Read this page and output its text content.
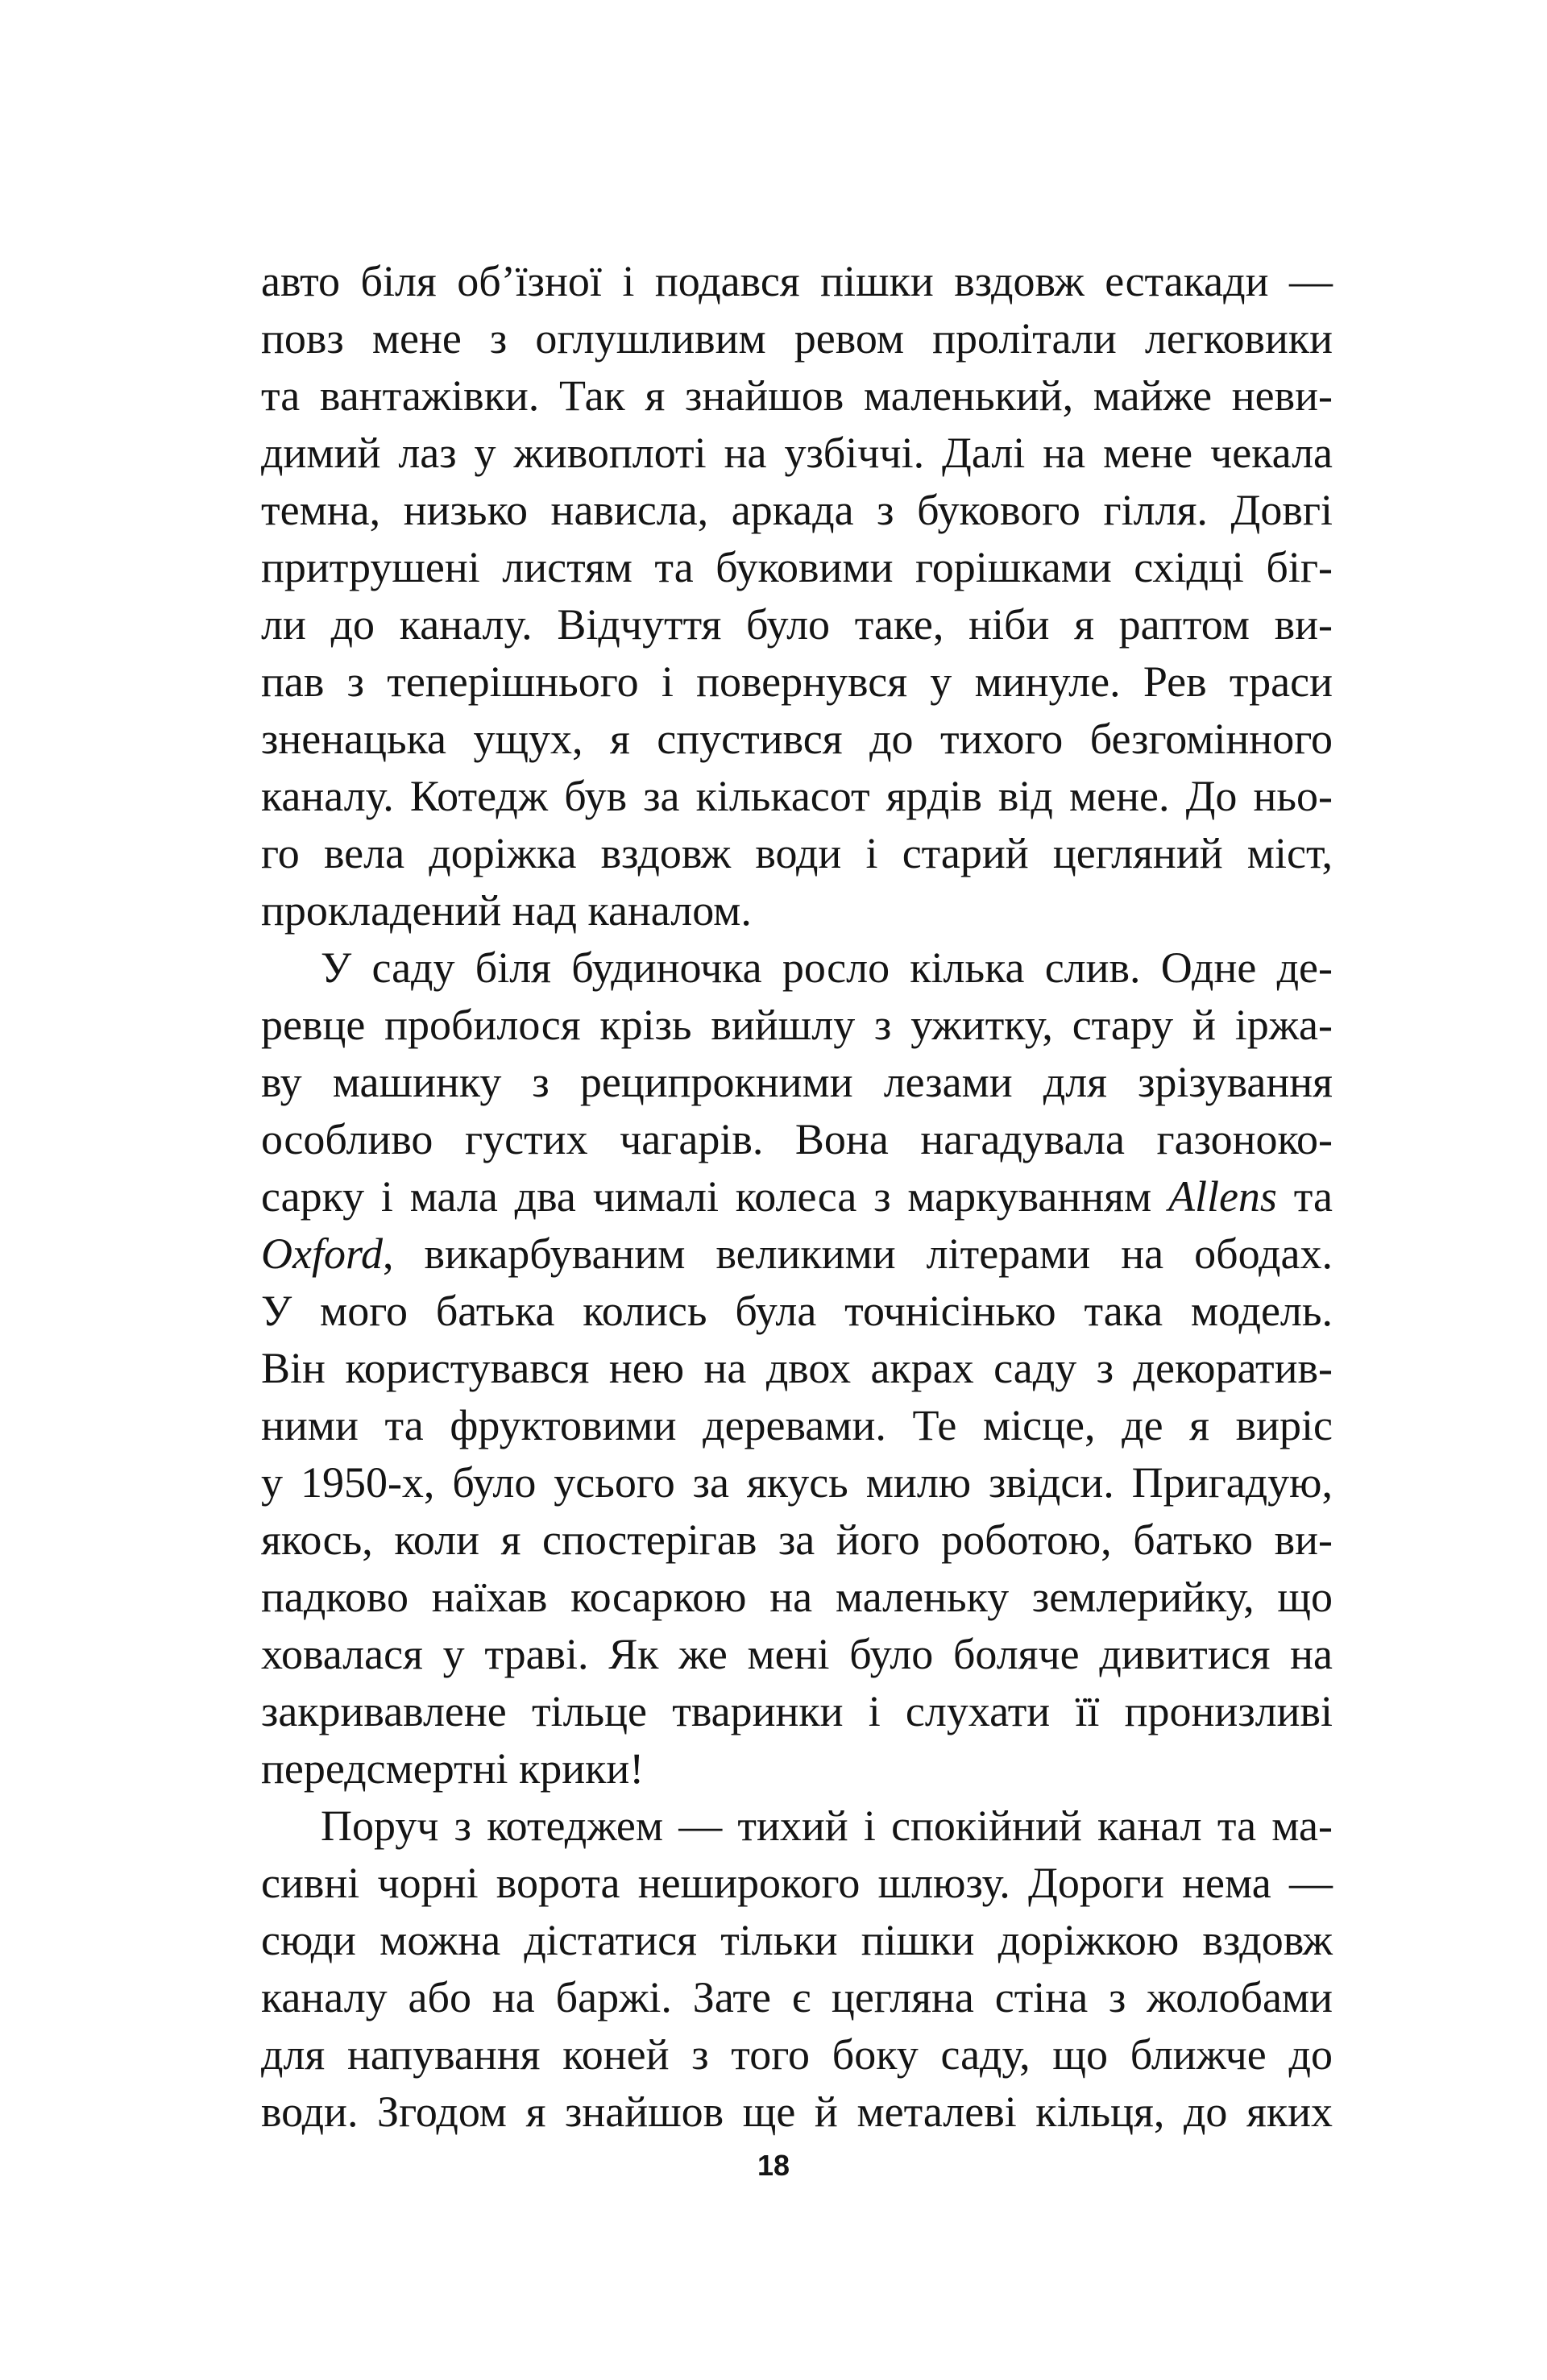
авто біля об’їзної і подався пішки вздовж естакади —
повз мене з оглушливим ревом пролітали легковики
та вантажівки. Так я знайшов маленький, майже неви-
димий лаз у живоплоті на узбіччі. Далі на мене чекала
темна, низько нависла, аркада з букового гілля. Довгі
притрушені листям та буковими горішками східці біг-
ли до каналу. Відчуття було таке, ніби я раптом ви-
пав з теперішнього і повернувся у минуле. Рев траси
зненацька ущух, я спустився до тихого безгомінного
каналу. Котедж був за кількасот ярдів від мене. До ньо-
го вела доріжка вздовж води і старий цегляний міст,
прокладений над каналом.
У саду біля будиночка росло кілька слив. Одне де-
ревце пробилося крізь вийшлу з ужитку, стару й іржа-
ву машинку з реципрокними лезами для зрізування
особливо густих чагарів. Вона нагадувала газоноко-
сарку і мала два чималі колеса з маркуванням Allens та
Oxford, викарбуваним великими літерами на ободах.
У мого батька колись була точнісінько така модель.
Він користувався нею на двох акрах саду з декоратив-
ними та фруктовими деревами. Те місце, де я виріс
у 1950-х, було усього за якусь милю звідси. Пригадую,
якось, коли я спостерігав за його роботою, батько ви-
падково наїхав косаркою на маленьку землерийку, що
ховалася у траві. Як же мені було боляче дивитися на
закривавлене тільце тваринки і слухати її пронизливі
передсмертні крики!
Поруч з котеджем — тихий і спокійний канал та ма-
сивні чорні ворота неширокого шлюзу. Дороги нема —
сюди можна дістатися тільки пішки доріжкою вздовж
каналу або на баржі. Зате є цегляна стіна з жолобами
для напування коней з того боку саду, що ближче до
води. Згодом я знайшов ще й металеві кільця, до яких
18
